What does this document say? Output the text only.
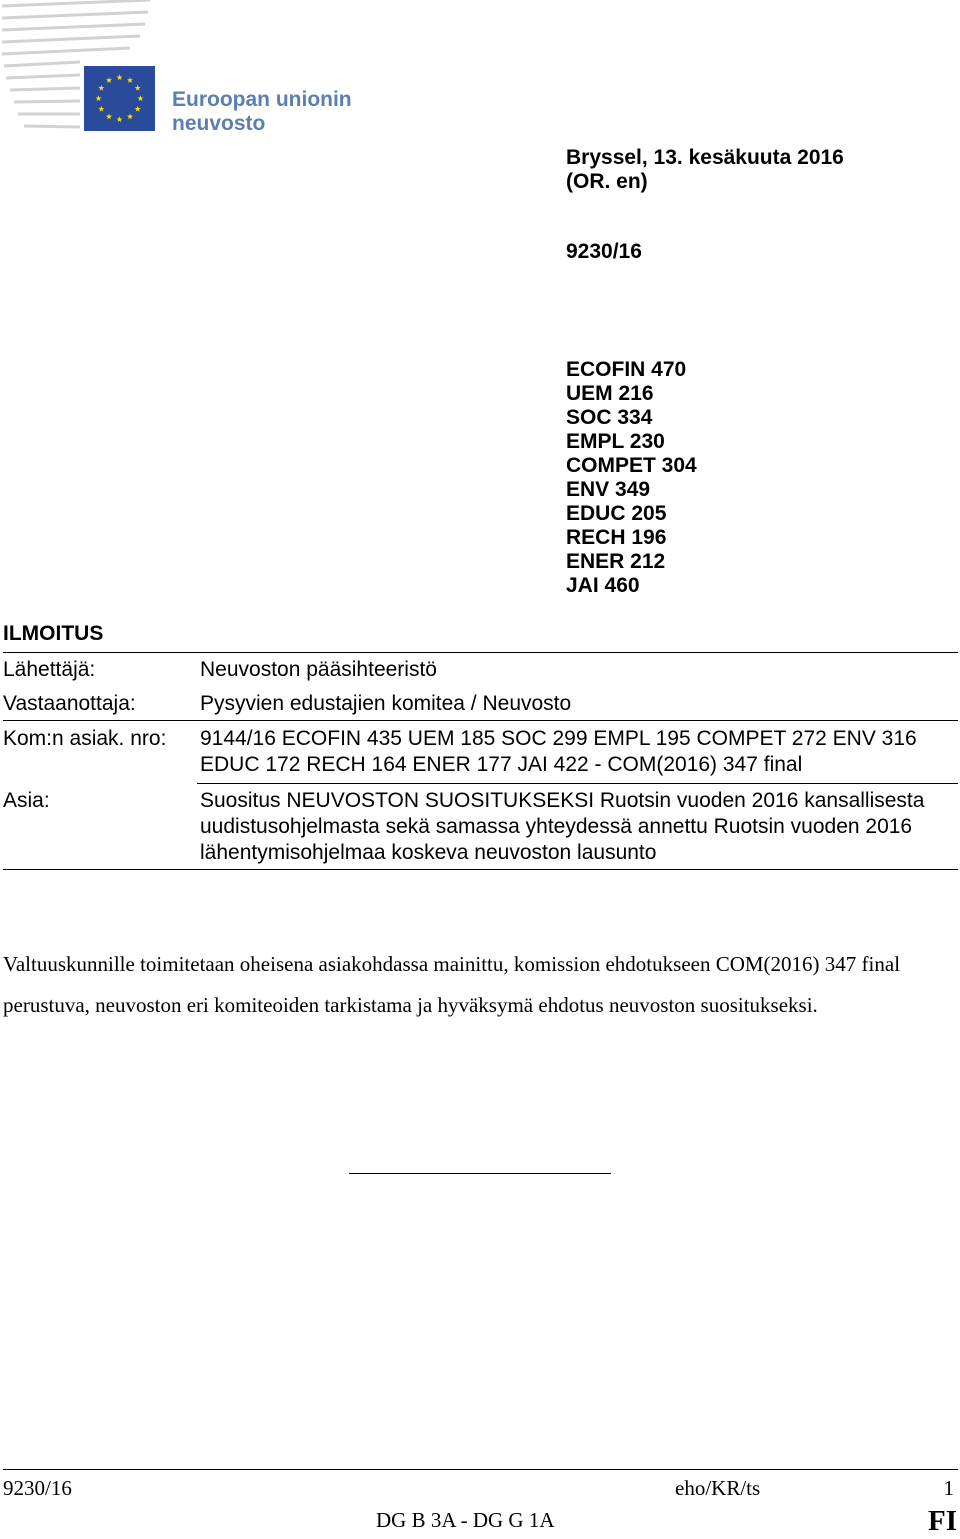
Euroopan unionin
neuvosto
Bryssel, 13. kesäkuuta 2016
(OR. en)
9230/16
ECOFIN 470
UEM 216
SOC 334
EMPL 230
COMPET 304
ENV 349
EDUC 205
RECH 196
ENER 212
JAI 460
ILMOITUS
Lähettäjä:	Neuvoston pääsihteeristö
Vastaanottaja:	Pysyvien edustajien komitea / Neuvosto
Kom:n asiak. nro: 9144/16 ECOFIN 435 UEM 185 SOC 299 EMPL 195 COMPET 272 ENV 316 EDUC 172 RECH 164 ENER 177 JAI 422 - COM(2016) 347 final
Asia:	Suositus NEUVOSTON SUOSITUKSEKSI Ruotsin vuoden 2016 kansallisesta uudistusohjelmasta sekä samassa yhteydessä annettu Ruotsin vuoden 2016 lähentymisohjelmaa koskeva neuvoston lausunto
Valtuuskunnille toimitetaan oheisena asiakohdassa mainittu, komission ehdotukseen COM(2016) 347 final perustuva, neuvoston eri komiteoiden tarkistama ja hyväksymä ehdotus neuvoston suositukseksi.
9230/16	eho/KR/ts	1
DG B 3A - DG G 1A	FI
